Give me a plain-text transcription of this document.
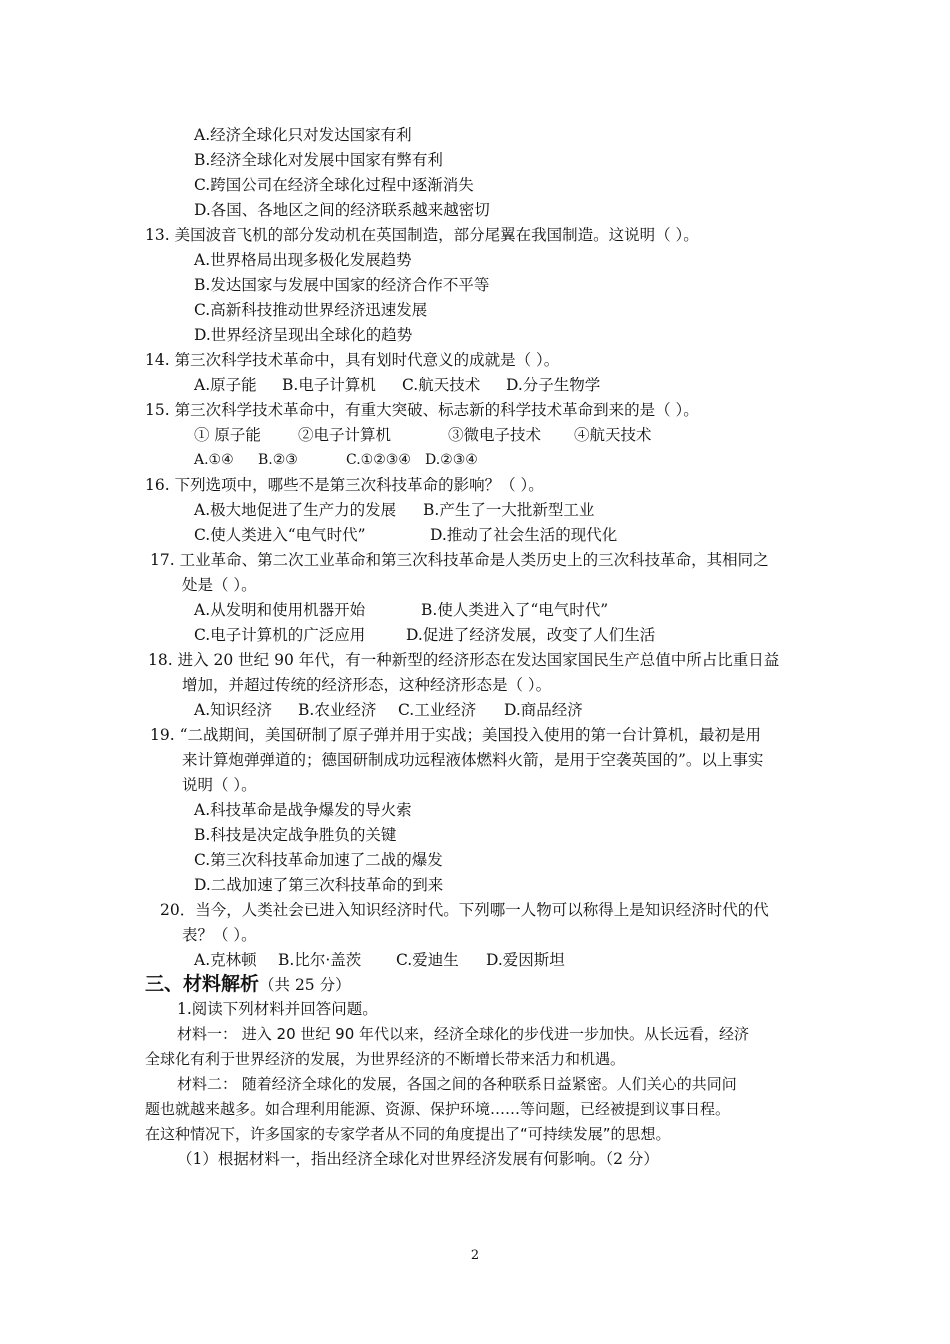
A.经济全球化只对发达国家有利
B.经济全球化对发展中国家有弊有利
C.跨国公司在经济全球化过程中逐渐消失
D.各国、各地区之间的经济联系越来越密切
13. 美国波音飞机的部分发动机在英国制造，部分尾翼在我国制造。这说明（ ）。
A.世界格局出现多极化发展趋势
B.发达国家与发展中国家的经济合作不平等
C.高新科技推动世界经济迅速发展
D.世界经济呈现出全球化的趋势
14. 第三次科学技术革命中，具有划时代意义的成就是（ ）。
A.原子能 B.电子计算机 C.航天技术 D.分子生物学
15. 第三次科学技术革命中，有重大突破、标志新的科学技术革命到来的是（ ）。
① 原子能 ②电子计算机	③微电子技术 ④航天技术
A.①④ B.②③	C.①②③④ D.②③④
16. 下列选项中，哪些不是第三次科技革命的影响？（ ）。
A.极大地促进了生产力的发展 B.产生了一大批新型工业
C.使人类进入“电气时代”	D.推动了社会生活的现代化
17. 工业革命、第二次工业革命和第三次科技革命是人类历史上的三次科技革命，其相同之
处是（ ）。
A.从发明和使用机器开始	B.使人类进入了“电气时代”
C.电子计算机的广泛应用	D.促进了经济发展，改变了人们生活
18. 进入 20 世纪 90 年代，有一种新型的经济形态在发达国家国民生产总值中所占比重日益
增加，并超过传统的经济形态，这种经济形态是（ ）。
A.知识经济 B.农业经济 C.工业经济 D.商品经济
19. “二战期间，美国研制了原子弹并用于实战；美国投入使用的第一台计算机，最初是用
来计算炮弹弹道的；德国研制成功远程液体燃料火箭，是用于空袭英国的”。以上事实
说明（ ）。
A.科技革命是战争爆发的导火索
B.科技是决定战争胜负的关键
C.第三次科技革命加速了二战的爆发
D.二战加速了第三次科技革命的到来
20．当今，人类社会已进入知识经济时代。下列哪一人物可以称得上是知识经济时代的代
表？（ ）。
A.克林顿 B.比尔·盖茨 C.爱迪生 D.爱因斯坦
三、材料解析（共 25 分）
1.阅读下列材料并回答问题。
材料一： 进入 20 世纪 90 年代以来，经济全球化的步伐进一步加快。从长远看，经济
全球化有利于世界经济的发展，为世界经济的不断增长带来活力和机遇。
材料二： 随着经济全球化的发展，各国之间的各种联系日益紧密。人们关心的共同问
题也就越来越多。如合理利用能源、资源、保护环境……等问题，已经被提到议事日程。
在这种情况下，许多国家的专家学者从不同的角度提出了“可持续发展”的思想。
（1）根据材料一，指出经济全球化对世界经济发展有何影响。（2 分）
2
